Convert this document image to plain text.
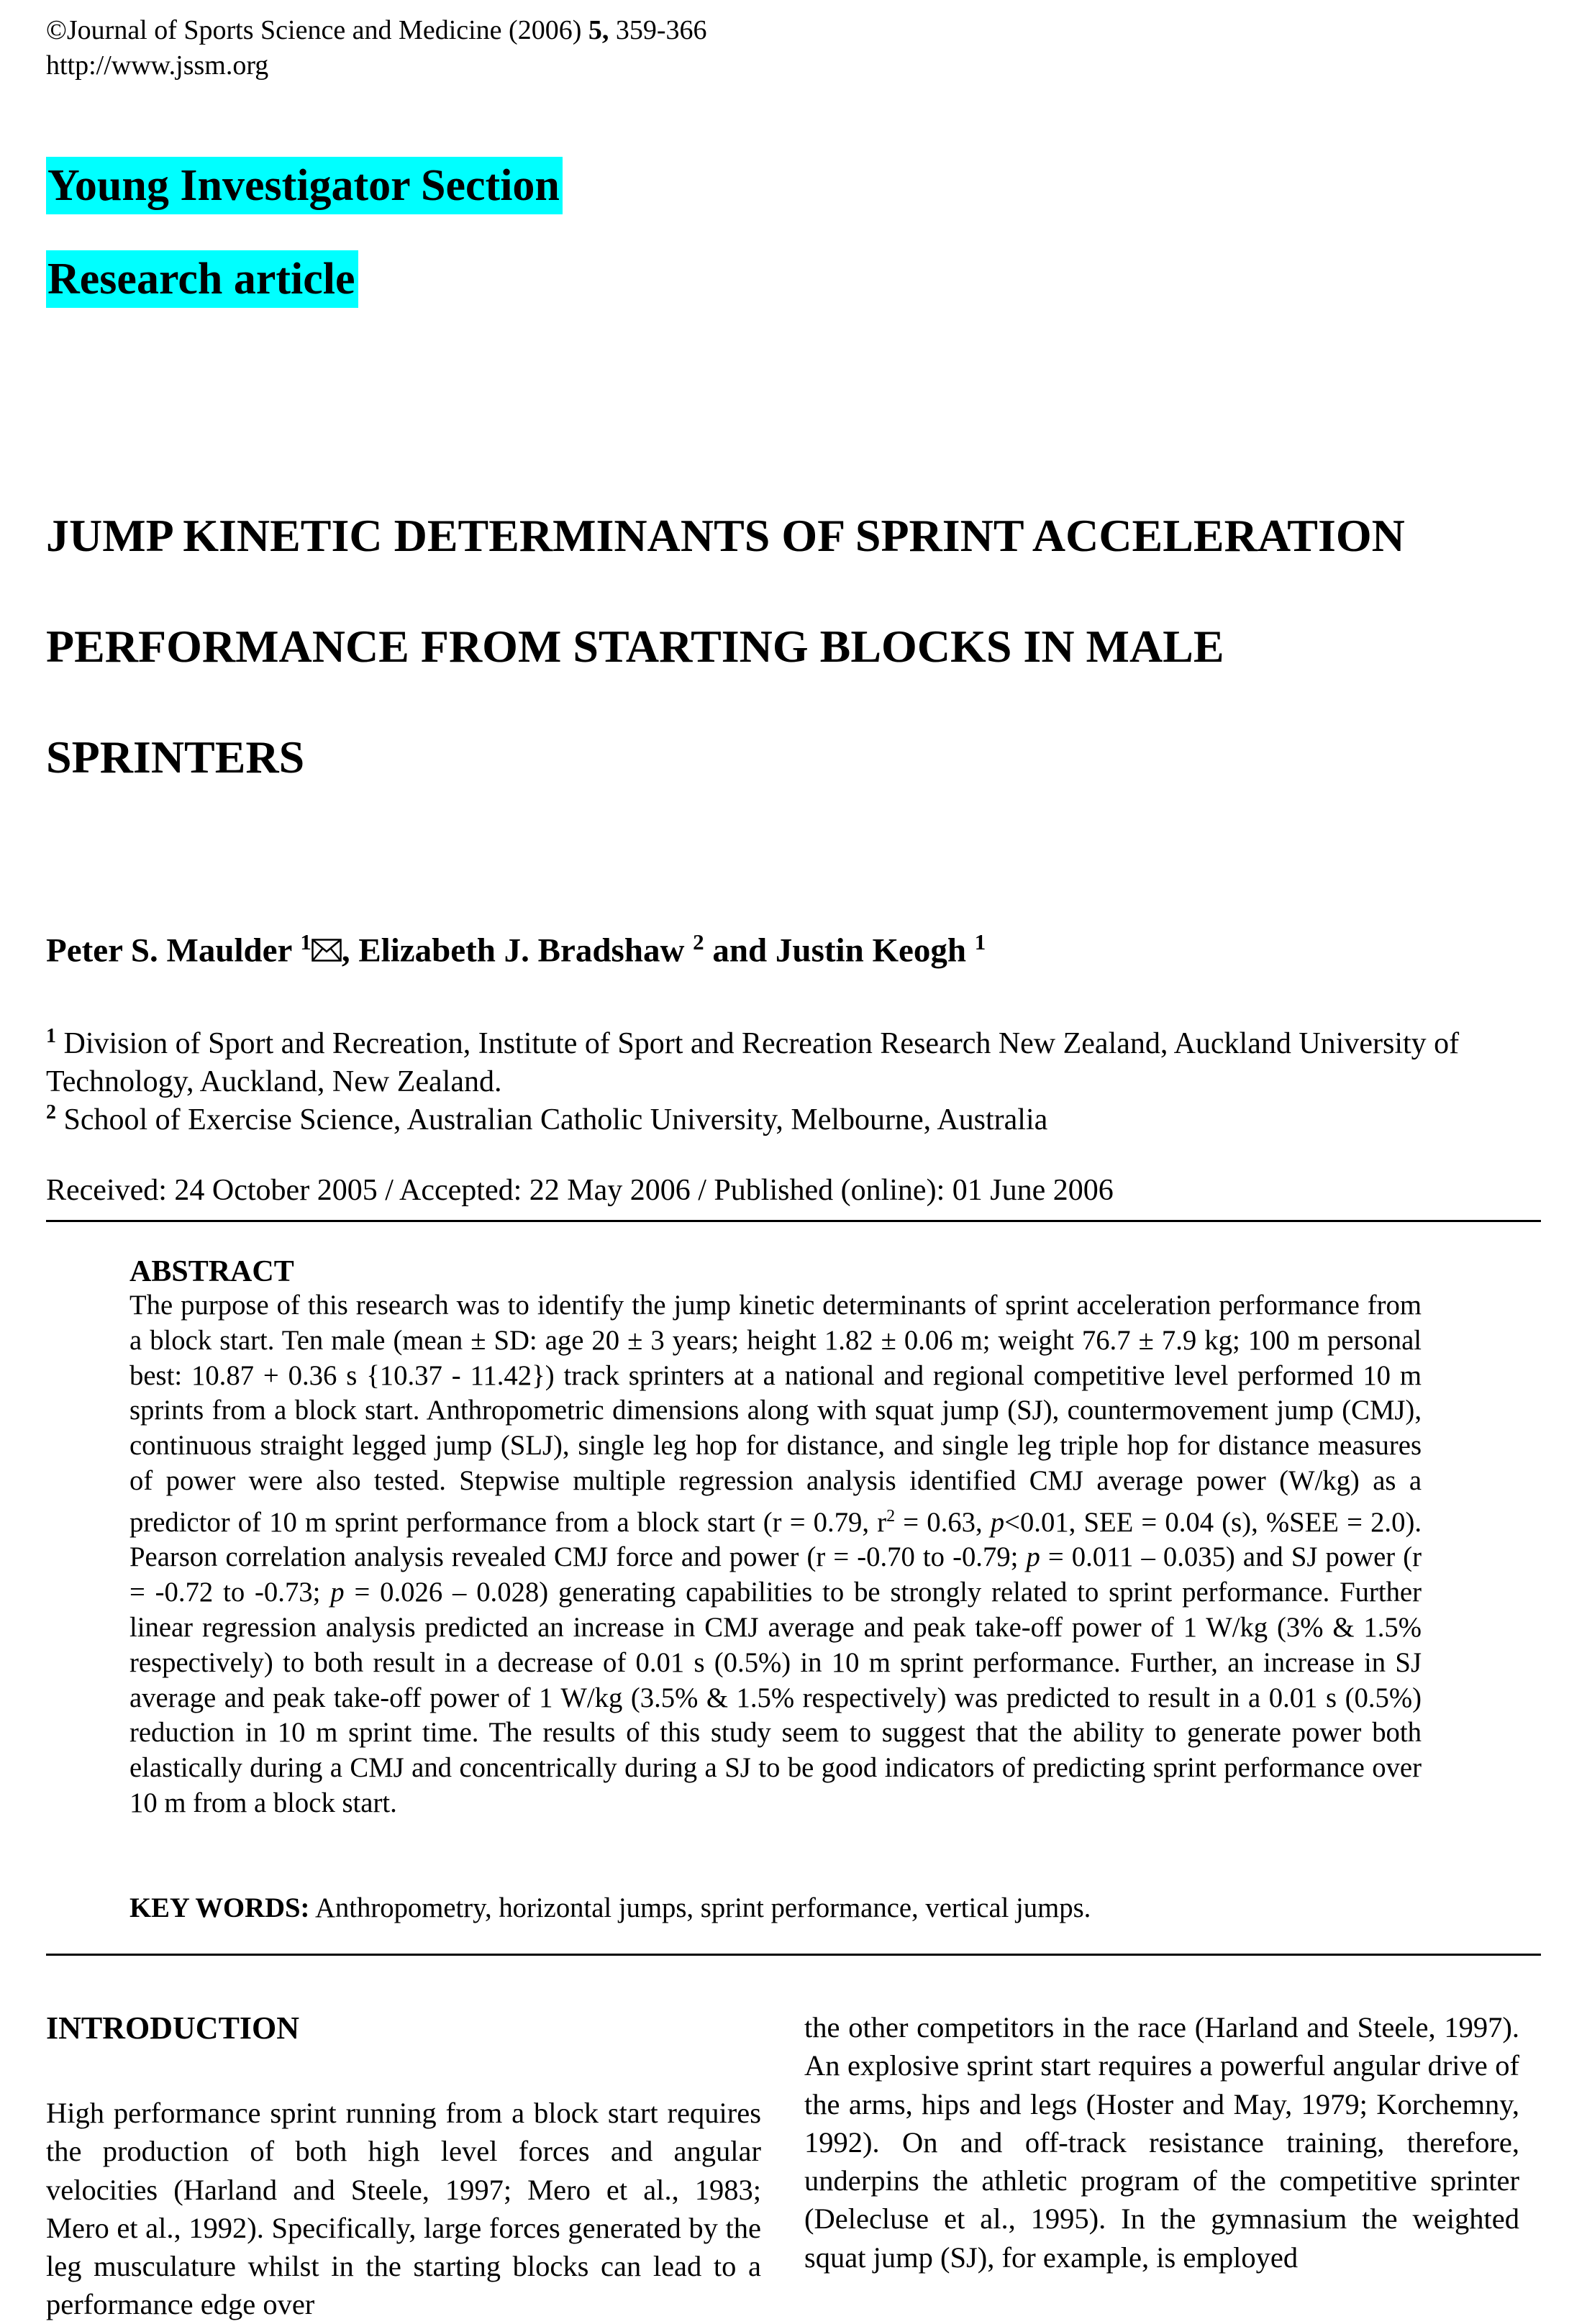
©Journal of Sports Science and Medicine (2006) 5, 359-366
http://www.jssm.org
Young Investigator Section
Research article
JUMP KINETIC DETERMINANTS OF SPRINT ACCELERATION
PERFORMANCE FROM STARTING BLOCKS IN MALE
SPRINTERS
Peter S. Maulder $^1$ , Elizabeth J. Bradshaw $^2$ and Justin Keogh $^1$
$^1$ Division of Sport and Recreation, Institute of Sport and Recreation Research New Zealand, Auckland University of Technology, Auckland, New Zealand.
$^2$ School of Exercise Science, Australian Catholic University, Melbourne, Australia
Received: 24 October 2005 / Accepted: 22 May 2006 / Published (online): 01 June 2006
ABSTRACT

The purpose of this research was to identify the jump kinetic determinants of sprint acceleration performance from a block start. Ten male (mean ± SD: age 20 ± 3 years; height 1.82 ± 0.06 m; weight 76.7 ± 7.9 kg; 100 m personal best: 10.87 + 0.36 s {10.37 - 11.42}) track sprinters at a national and regional competitive level performed 10 m sprints from a block start. Anthropometric dimensions along with squat jump (SJ), countermovement jump (CMJ), continuous straight legged jump (SLJ), single leg hop for distance, and single leg triple hop for distance measures of power were also tested. Stepwise multiple regression analysis identified CMJ average power (W/kg) as a predictor of 10 m sprint performance from a block start (r = 0.79, $r^2 = 0.63$, p<0.01, SEE = 0.04 (s), %SEE = 2.0). Pearson correlation analysis revealed CMJ force and power (r = -0.70 to -0.79; p = 0.011 – 0.035) and SJ power (r = -0.72 to -0.73; p = 0.026 – 0.028) generating capabilities to be strongly related to sprint performance. Further linear regression analysis predicted an increase in CMJ average and peak take-off power of 1 W/kg (3% & 1.5% respectively) to both result in a decrease of 0.01 s (0.5%) in 10 m sprint performance. Further, an increase in SJ average and peak take-off power of 1 W/kg (3.5% & 1.5% respectively) was predicted to result in a 0.01 s (0.5%) reduction in 10 m sprint time. The results of this study seem to suggest that the ability to generate power both elastically during a CMJ and concentrically during a SJ to be good indicators of predicting sprint performance over 10 m from a block start.

KEY WORDS: Anthropometry, horizontal jumps, sprint performance, vertical jumps.
INTRODUCTION

High performance sprint running from a block start requires the production of both high level forces and angular velocities (Harland and Steele, 1997; Mero et al., 1983; Mero et al., 1992). Specifically, large forces generated by the leg musculature whilst in the starting blocks can lead to a performance edge over

the other competitors in the race (Harland and Steele, 1997). An explosive sprint start requires a powerful angular drive of the arms, hips and legs (Hoster and May, 1979; Korchemny, 1992). On and off-track resistance training, therefore, underpins the athletic program of the competitive sprinter (Delecluse et al., 1995). In the gymnasium the weighted squat jump (SJ), for example, is employed
